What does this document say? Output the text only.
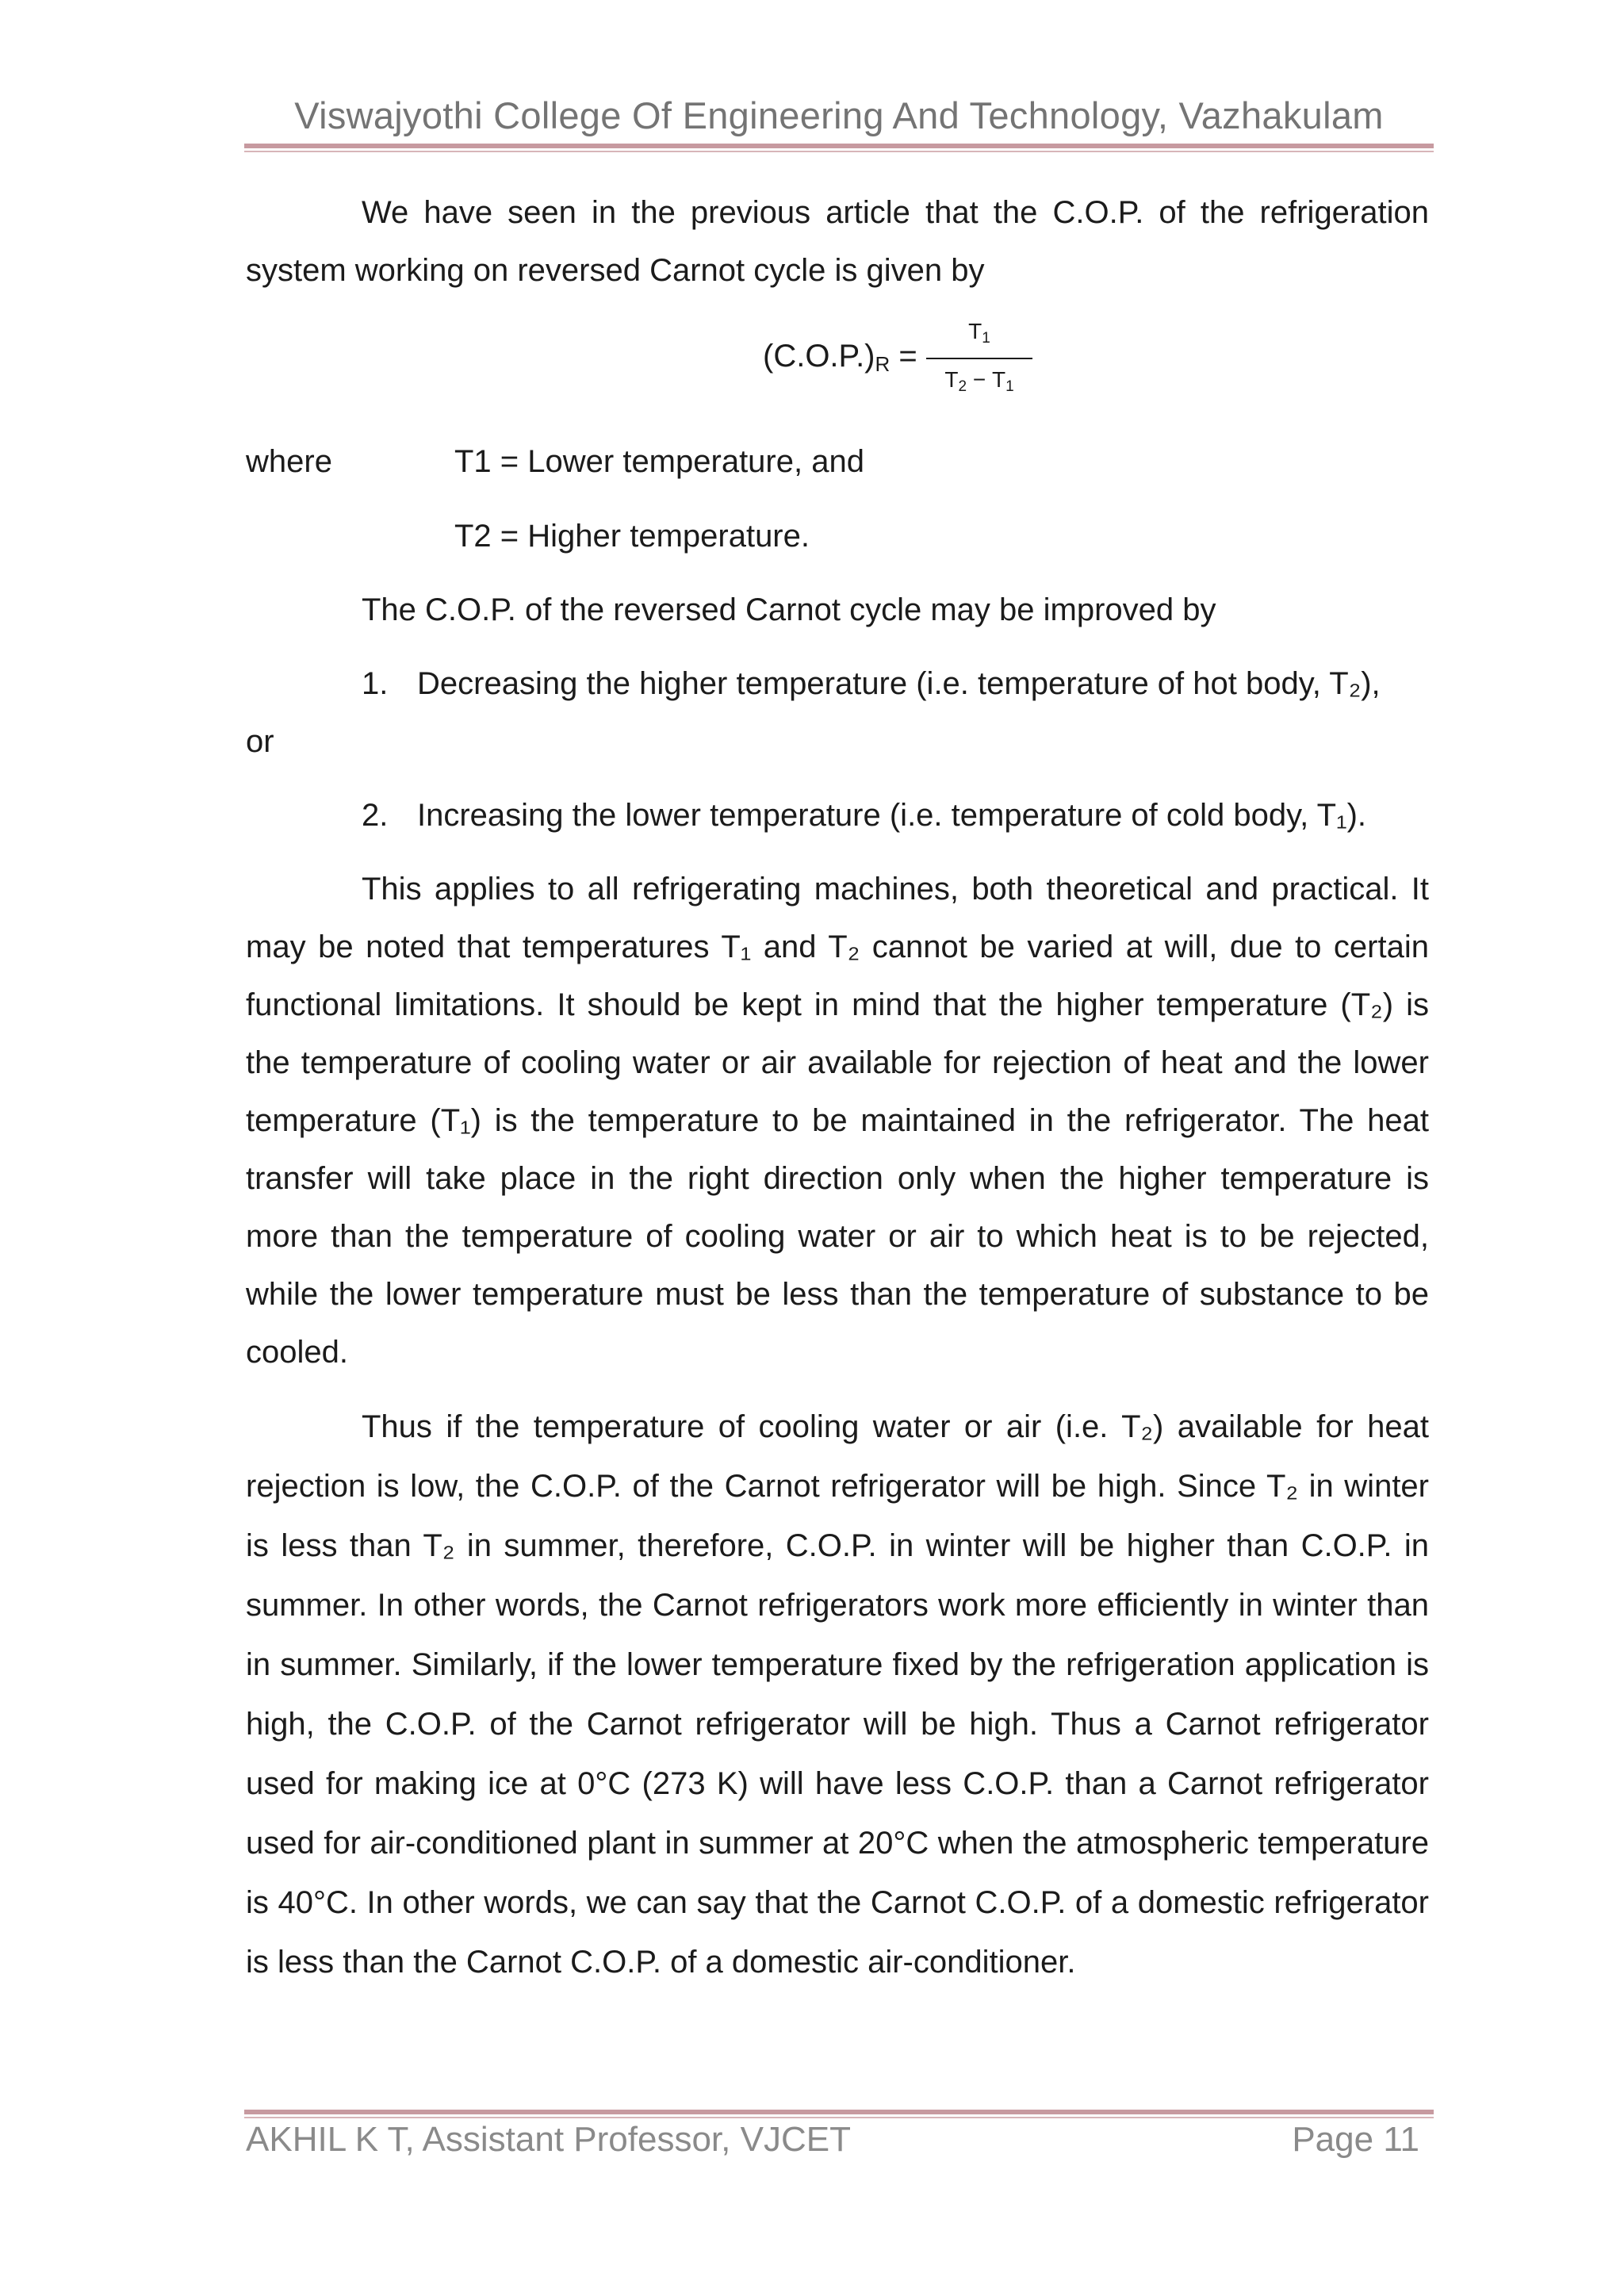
Viswajyothi College Of Engineering And Technology, Vazhakulam

We have seen in the previous article that the C.O.P. of the refrigeration system working on reversed Carnot cycle is given by

$(C.O.P.)_R$ =
$T_1$
$T_2 - T_1$
where	T1 = Lower temperature, and

T2 = Higher temperature.

The C.O.P. of the reversed Carnot cycle may be improved by

1. Decreasing the higher temperature (i.e. temperature of hot body, T₂),

or

2. Increasing the lower temperature (i.e. temperature of cold body, T₁).

This applies to all refrigerating machines, both theoretical and practical. It may be noted that temperatures T₁ and T₂ cannot be varied at will, due to certain functional limitations. It should be kept in mind that the higher temperature (T₂) is the temperature of cooling water or air available for rejection of heat and the lower temperature (T₁) is the temperature to be maintained in the refrigerator. The heat transfer will take place in the right direction only when the higher temperature is more than the temperature of cooling water or air to which heat is to be rejected, while the lower temperature must be less than the temperature of substance to be cooled.

Thus if the temperature of cooling water or air (i.e. T₂) available for heat rejection is low, the C.O.P. of the Carnot refrigerator will be high. Since T₂ in winter is less than T₂ in summer, therefore, C.O.P. in winter will be higher than C.O.P. in summer. In other words, the Carnot refrigerators work more efficiently in winter than in summer. Similarly, if the lower temperature fixed by the refrigeration application is high, the C.O.P. of the Carnot refrigerator will be high. Thus a Carnot refrigerator used for making ice at 0°C (273 K) will have less C.O.P. than a Carnot refrigerator used for air-conditioned plant in summer at 20°C when the atmospheric temperature is 40°C. In other words, we can say that the Carnot C.O.P. of a domestic refrigerator is less than the Carnot C.O.P. of a domestic air-conditioner.

AKHIL K T, Assistant Professor, VJCET	Page 11
